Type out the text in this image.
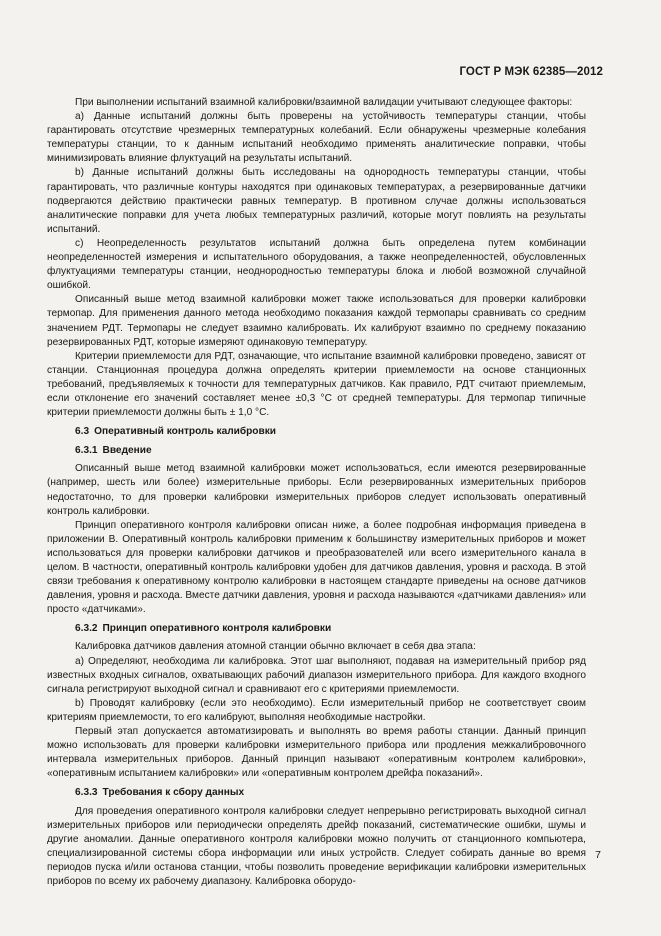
ГОСТ Р МЭК 62385—2012

При выполнении испытаний взаимной калибровки/взаимной валидации учитывают следующее факторы:

a) Данные испытаний должны быть проверены на устойчивость температуры станции, чтобы гарантировать отсутствие чрезмерных температурных колебаний. Если обнаружены чрезмерные колебания температуры станции, то к данным испытаний необходимо применять аналитические поправки, чтобы минимизировать влияние флуктуаций на результаты испытаний.

b) Данные испытаний должны быть исследованы на однородность температуры станции, чтобы гарантировать, что различные контуры находятся при одинаковых температурах, а резервированные датчики подвергаются действию практически равных температур. В противном случае должны использоваться аналитические поправки для учета любых температурных различий, которые могут повлиять на результаты испытаний.

c) Неопределенность результатов испытаний должна быть определена путем комбинации неопределенностей измерения и испытательного оборудования, а также неопределенностей, обусловленных флуктуациями температуры станции, неоднородностью температуры блока и любой возможной случайной ошибкой.

Описанный выше метод взаимной калибровки может также использоваться для проверки калибровки термопар. Для применения данного метода необходимо показания каждой термопары сравнивать со средним значением РДТ. Термопары не следует взаимно калибровать. Их калибруют взаимно по среднему показанию резервированных РДТ, которые измеряют одинаковую температуру.

Критерии приемлемости для РДТ, означающие, что испытание взаимной калибровки проведено, зависят от станции. Станционная процедура должна определять критерии приемлемости на основе станционных требований, предъявляемых к точности для температурных датчиков. Как правило, РДТ считают приемлемым, если отклонение его значений составляет менее ±0,3 °С от средней температуры. Для термопар типичные критерии приемлемости должны быть ± 1,0 °С.

6.3 Оперативный контроль калибровки
6.3.1 Введение

Описанный выше метод взаимной калибровки может использоваться, если имеются резервированные (например, шесть или более) измерительные приборы. Если резервированных измерительных приборов недостаточно, то для проверки калибровки измерительных приборов следует использовать оперативный контроль калибровки.

Принцип оперативного контроля калибровки описан ниже, а более подробная информация приведена в приложении В. Оперативный контроль калибровки применим к большинству измерительных приборов и может использоваться для проверки калибровки датчиков и преобразователей или всего измерительного канала в целом. В частности, оперативный контроль калибровки удобен для датчиков давления, уровня и расхода. В этой связи требования к оперативному контролю калибровки в настоящем стандарте приведены на основе датчиков давления, уровня и расхода. Вместе датчики давления, уровня и расхода называются «датчиками давления» или просто «датчиками».

6.3.2 Принцип оперативного контроля калибровки

Калибровка датчиков давления атомной станции обычно включает в себя два этапа:

a) Определяют, необходима ли калибровка. Этот шаг выполняют, подавая на измерительный прибор ряд известных входных сигналов, охватывающих рабочий диапазон измерительного прибора. Для каждого входного сигнала регистрируют выходной сигнал и сравнивают его с критериями приемлемости.

b) Проводят калибровку (если это необходимо). Если измерительный прибор не соответствует своим критериям приемлемости, то его калибруют, выполняя необходимые настройки.

Первый этап допускается автоматизировать и выполнять во время работы станции. Данный принцип можно использовать для проверки калибровки измерительного прибора или продления межкалибровочного интервала измерительных приборов. Данный принцип называют «оперативным контролем калибровки», «оперативным испытанием калибровки» или «оперативным контролем дрейфа показаний».

6.3.3 Требования к сбору данных

Для проведения оперативного контроля калибровки следует непрерывно регистрировать выходной сигнал измерительных приборов или периодически определять дрейф показаний, систематические ошибки, шумы и другие аномалии. Данные оперативного контроля калибровки можно получить от станционного компьютера, специализированной системы сбора информации или иных устройств. Следует собирать данные во время периодов пуска и/или останова станции, чтобы позволить проведение верификации калибровки измерительных приборов по всему их рабочему диапазону. Калибровка оборудо-

7
